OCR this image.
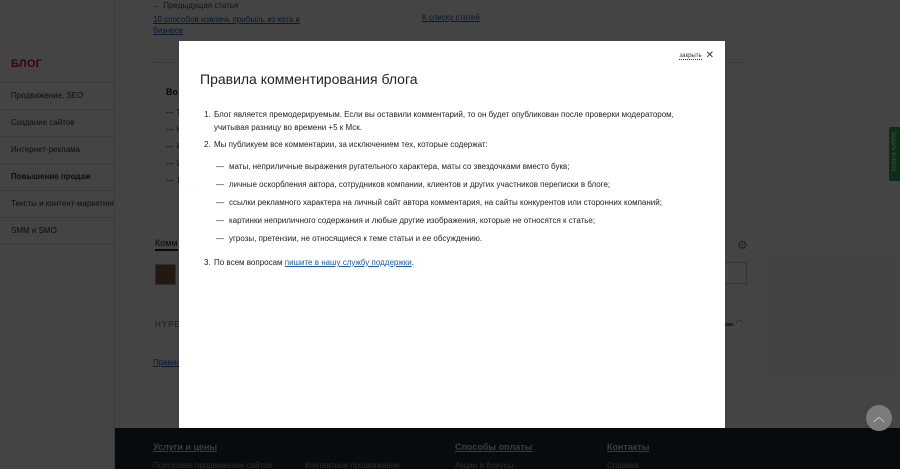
—
—
—
—
—
︿
закрыть ✕
Правила комментирования блога
1. Блог является премодерируемым. Если вы оставили комментарий, то он будет опубликован после проверки модератором, учитывая разницу во времени +5 к Мск.
2. Мы публикуем все комментарии, за исключением тех, которые содержат:
— маты, неприличные выражения ругательного характера, маты со звездочками вместо букв;
— личные оскорбления автора, сотрудников компании, клиентов и других участников переписки в блоге;
— ссылки рекламного характера на личный сайт автора комментария, на сайты конкурентов или сторонних компаний;
— картинки неприличного содержания и любые другие изображения, которые не относятся к статье;
— угрозы, претензии, не относящиеся к теме статьи и ее обсуждению.
3. По всем вопросам пишите в нашу службу поддержки.
